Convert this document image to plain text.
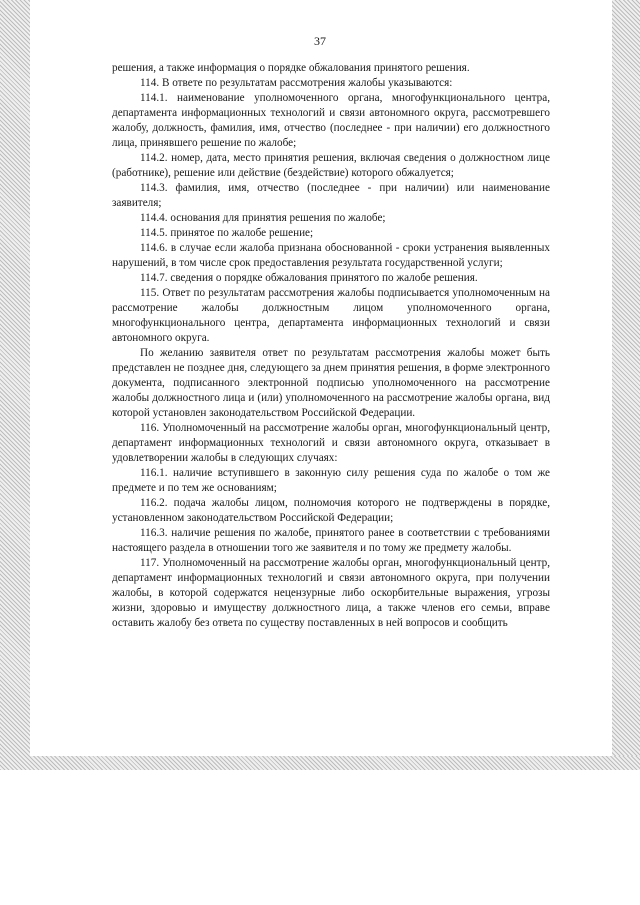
37

решения, а также информация о порядке обжалования принятого решения.

114. В ответе по результатам рассмотрения жалобы указываются:

114.1. наименование уполномоченного органа, многофункционального центра, департамента информационных технологий и связи автономного округа, рассмотревшего жалобу, должность, фамилия, имя, отчество (последнее - при наличии) его должностного лица, принявшего решение по жалобе;

114.2. номер, дата, место принятия решения, включая сведения о должностном лице (работнике), решение или действие (бездействие) которого обжалуется;

114.3. фамилия, имя, отчество (последнее - при наличии) или наименование заявителя;

114.4. основания для принятия решения по жалобе;

114.5. принятое по жалобе решение;

114.6. в случае если жалоба признана обоснованной - сроки устранения выявленных нарушений, в том числе срок предоставления результата государственной услуги;

114.7. сведения о порядке обжалования принятого по жалобе решения.

115. Ответ по результатам рассмотрения жалобы подписывается уполномоченным на рассмотрение жалобы должностным лицом уполномоченного органа, многофункционального центра, департамента информационных технологий и связи автономного округа.

По желанию заявителя ответ по результатам рассмотрения жалобы может быть представлен не позднее дня, следующего за днем принятия решения, в форме электронного документа, подписанного электронной подписью уполномоченного на рассмотрение жалобы должностного лица и (или) уполномоченного на рассмотрение жалобы органа, вид которой установлен законодательством Российской Федерации.

116. Уполномоченный на рассмотрение жалобы орган, многофункциональный центр, департамент информационных технологий и связи автономного округа, отказывает в удовлетворении жалобы в следующих случаях:

116.1. наличие вступившего в законную силу решения суда по жалобе о том же предмете и по тем же основаниям;

116.2. подача жалобы лицом, полномочия которого не подтверждены в порядке, установленном законодательством Российской Федерации;

116.3. наличие решения по жалобе, принятого ранее в соответствии с требованиями настоящего раздела в отношении того же заявителя и по тому же предмету жалобы.

117. Уполномоченный на рассмотрение жалобы орган, многофункциональный центр, департамент информационных технологий и связи автономного округа, при получении жалобы, в которой содержатся нецензурные либо оскорбительные выражения, угрозы жизни, здоровью и имуществу должностного лица, а также членов его семьи, вправе оставить жалобу без ответа по существу поставленных в ней вопросов и сообщить
